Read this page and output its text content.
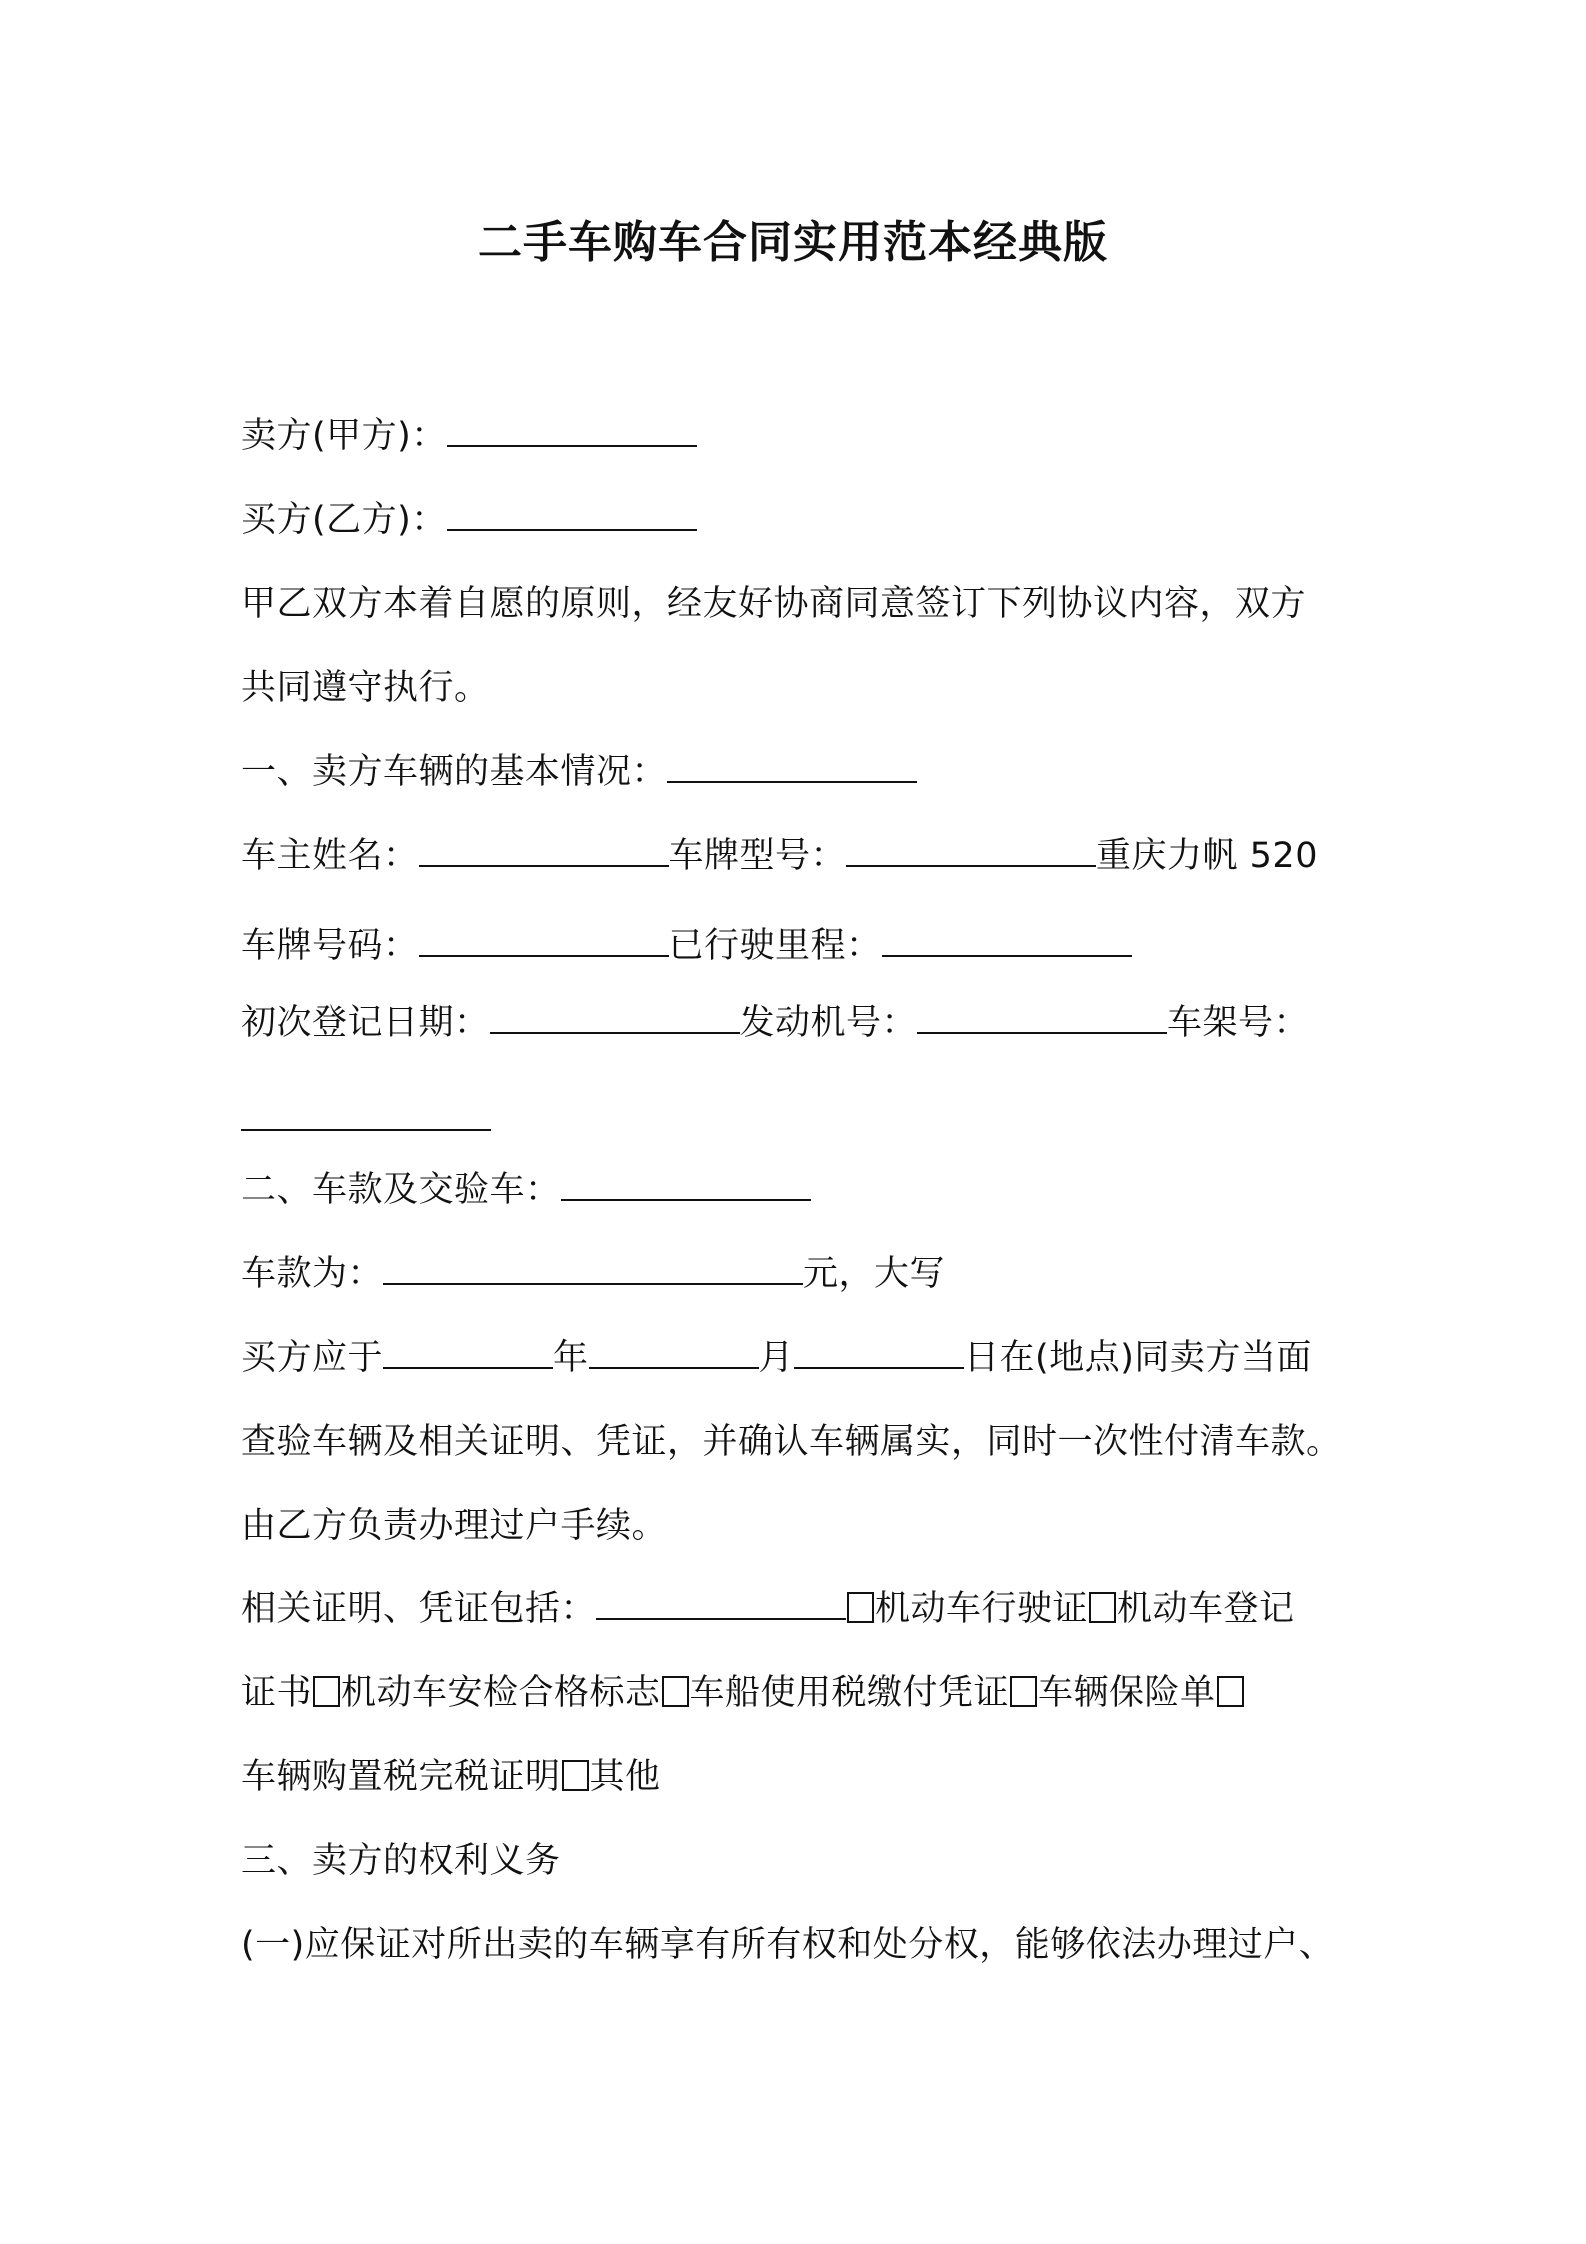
二手车购车合同实用范本经典版
卖方(甲方)：
买方(乙方)：
甲乙双方本着自愿的原则，经友好协商同意签订下列协议内容，双方
共同遵守执行。
一、卖方车辆的基本情况：
车主姓名：	车牌型号：	重庆力帆 520
车牌号码：	已行驶里程：
初次登记日期：	发动机号：	车架号：
二、车款及交验车：
车款为：	元，大写
买方应于	年	月	日在(地点)同卖方当面
查验车辆及相关证明、凭证，并确认车辆属实，同时一次性付清车款。
由乙方负责办理过户手续。
相关证明、凭证包括：	机动车行驶证 机动车登记
证书 机动车安检合格标志 车船使用税缴付凭证 车辆保险单
车辆购置税完税证明 其他
三、卖方的权利义务
(一)应保证对所出卖的车辆享有所有权和处分权，能够依法办理过户、
